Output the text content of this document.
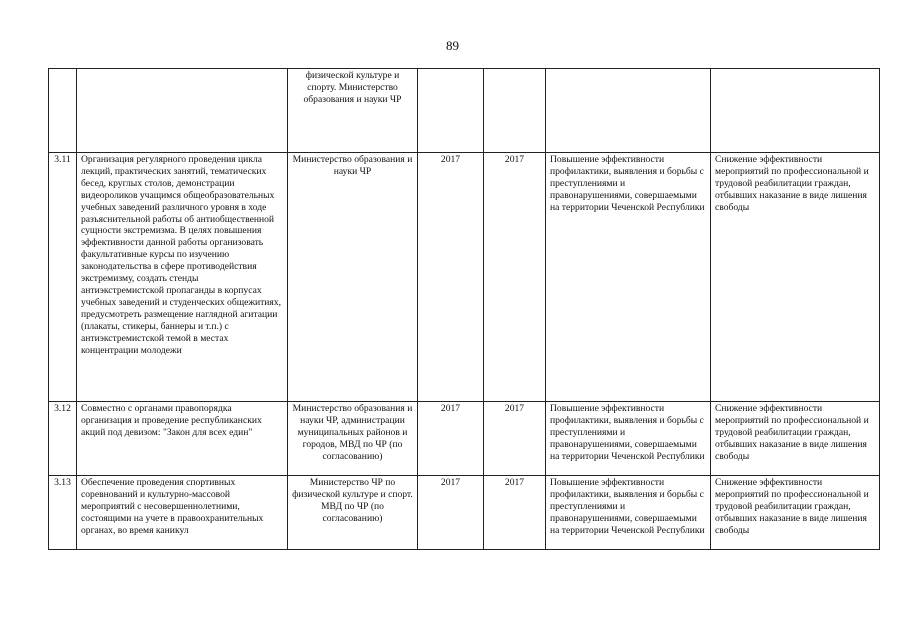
89
		физической культуре и спорту. Министерство образования и науки ЧР				
3.11	Организация регулярного проведения цикла лекций, практических занятий, тематических бесед, круглых столов, демонстрации видеороликов учащимся общеобразовательных учебных заведений различного уровня в ходе разъяснительной работы об антиобщественной сущности экстремизма. В целях повышения эффективности данной работы организовать факультативные курсы по изучению законодательства в сфере противодействия экстремизму, создать стенды антиэкстремистской пропаганды в корпусах учебных заведений и студенческих общежитиях, предусмотреть размещение наглядной агитации (плакаты, стикеры, баннеры и т.п.) с антиэкстремистской темой в местах концентрации молодежи	Министерство образования и науки ЧР	2017	2017	Повышение эффективности профилактики, выявления и борьбы с преступлениями и правонарушениями, совершаемыми на территории Чеченской Республики	Снижение эффективности мероприятий по профессиональной и трудовой реабилитации граждан, отбывших наказание в виде лишения свободы
3.12	Совместно с органами правопорядка организация и проведение республиканских акций под девизом: "Закон для всех един"	Министерство образования и науки ЧР, администрации муниципальных районов и городов, МВД по ЧР (по согласованию)	2017	2017	Повышение эффективности профилактики, выявления и борьбы с преступлениями и правонарушениями, совершаемыми на территории Чеченской Республики	Снижение эффективности мероприятий по профессиональной и трудовой реабилитации граждан, отбывших наказание в виде лишения свободы
3.13	Обеспечение проведения спортивных соревнований и культурно-массовой мероприятий с несовершеннолетними, состоящими на учете в правоохранительных органах, во время каникул	Министерство ЧР по физической культуре и спорт. МВД по ЧР (по согласованию)	2017	2017	Повышение эффективности профилактики, выявления и борьбы с преступлениями и правонарушениями, совершаемыми на территории Чеченской Республики	Снижение эффективности мероприятий по профессиональной и трудовой реабилитации граждан, отбывших наказание в виде лишения свободы
